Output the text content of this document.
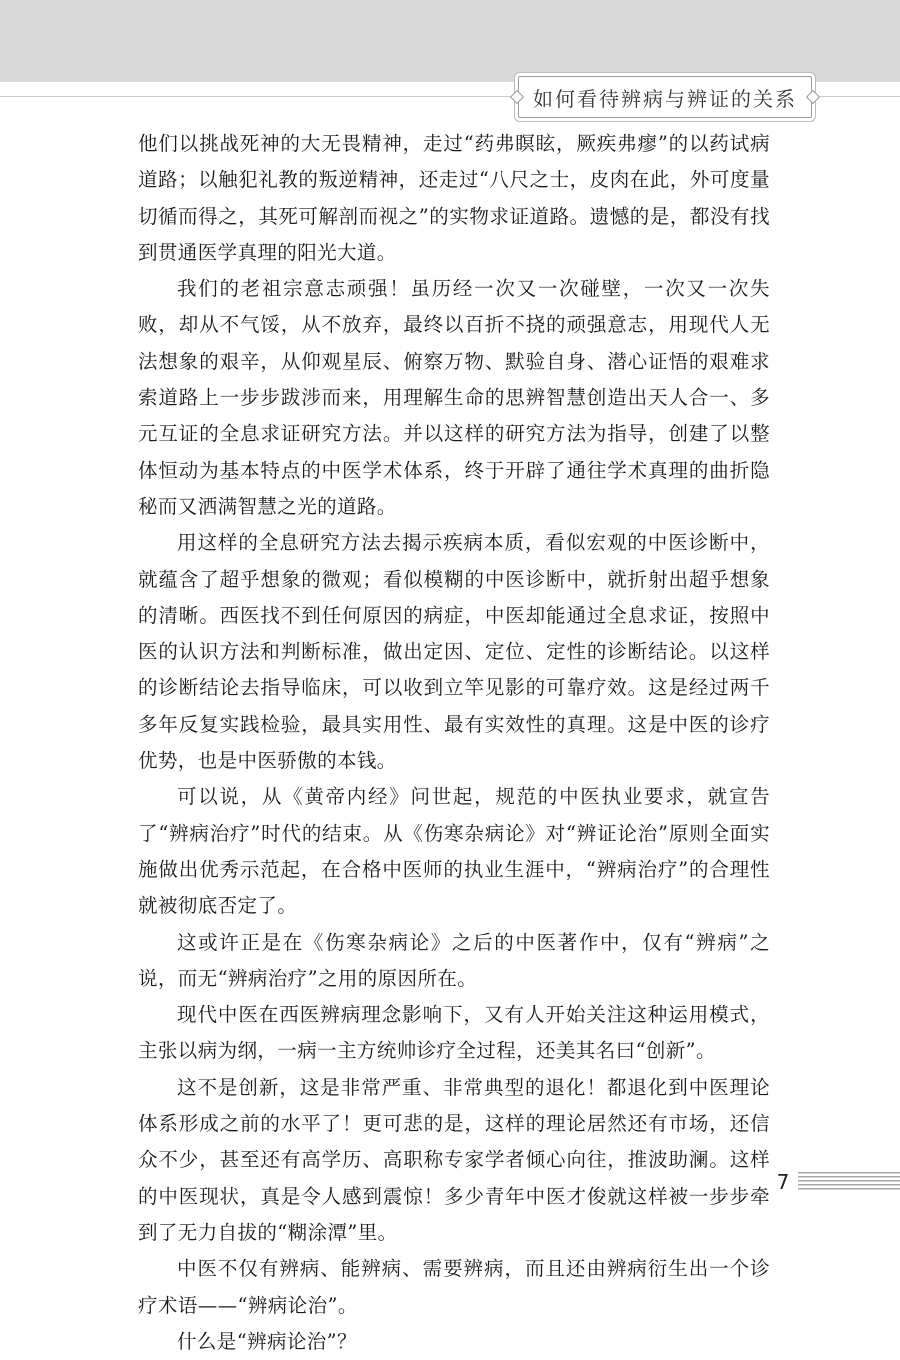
如何看待辨病与辨证的关系

他们以挑战死神的大无畏精神，走过“药弗瞑眩，厥疾弗瘳”的以药试病道路；以触犯礼教的叛逆精神，还走过“八尺之士，皮肉在此，外可度量切循而得之，其死可解剖而视之”的实物求证道路。遗憾的是，都没有找到贯通医学真理的阳光大道。

我们的老祖宗意志顽强！虽历经一次又一次碰壁，一次又一次失败，却从不气馁，从不放弃，最终以百折不挠的顽强意志，用现代人无法想象的艰辛，从仰观星辰、俯察万物、默验自身、潜心证悟的艰难求索道路上一步步跋涉而来，用理解生命的思辨智慧创造出天人合一、多元互证的全息求证研究方法。并以这样的研究方法为指导，创建了以整体恒动为基本特点的中医学术体系，终于开辟了通往学术真理的曲折隐秘而又洒满智慧之光的道路。

用这样的全息研究方法去揭示疾病本质，看似宏观的中医诊断中，就蕴含了超乎想象的微观；看似模糊的中医诊断中，就折射出超乎想象的清晰。西医找不到任何原因的病症，中医却能通过全息求证，按照中医的认识方法和判断标准，做出定因、定位、定性的诊断结论。以这样的诊断结论去指导临床，可以收到立竿见影的可靠疗效。这是经过两千多年反复实践检验，最具实用性、最有实效性的真理。这是中医的诊疗优势，也是中医骄傲的本钱。

可以说，从《黄帝内经》问世起，规范的中医执业要求，就宣告了“辨病治疗”时代的结束。从《伤寒杂病论》对“辨证论治”原则全面实施做出优秀示范起，在合格中医师的执业生涯中，“辨病治疗”的合理性就被彻底否定了。

这或许正是在《伤寒杂病论》之后的中医著作中，仅有“辨病”之说，而无“辨病治疗”之用的原因所在。

现代中医在西医辨病理念影响下，又有人开始关注这种运用模式，主张以病为纲，一病一主方统帅诊疗全过程，还美其名曰“创新”。

这不是创新，这是非常严重、非常典型的退化！都退化到中医理论体系形成之前的水平了！更可悲的是，这样的理论居然还有市场，还信众不少，甚至还有高学历、高职称专家学者倾心向往，推波助澜。这样的中医现状，真是令人感到震惊！多少青年中医才俊就这样被一步步牵到了无力自拔的“糊涂潭”里。

中医不仅有辨病、能辨病、需要辨病，而且还由辨病衍生出一个诊疗术语——“辨病论治”。

什么是“辨病论治”？

7
